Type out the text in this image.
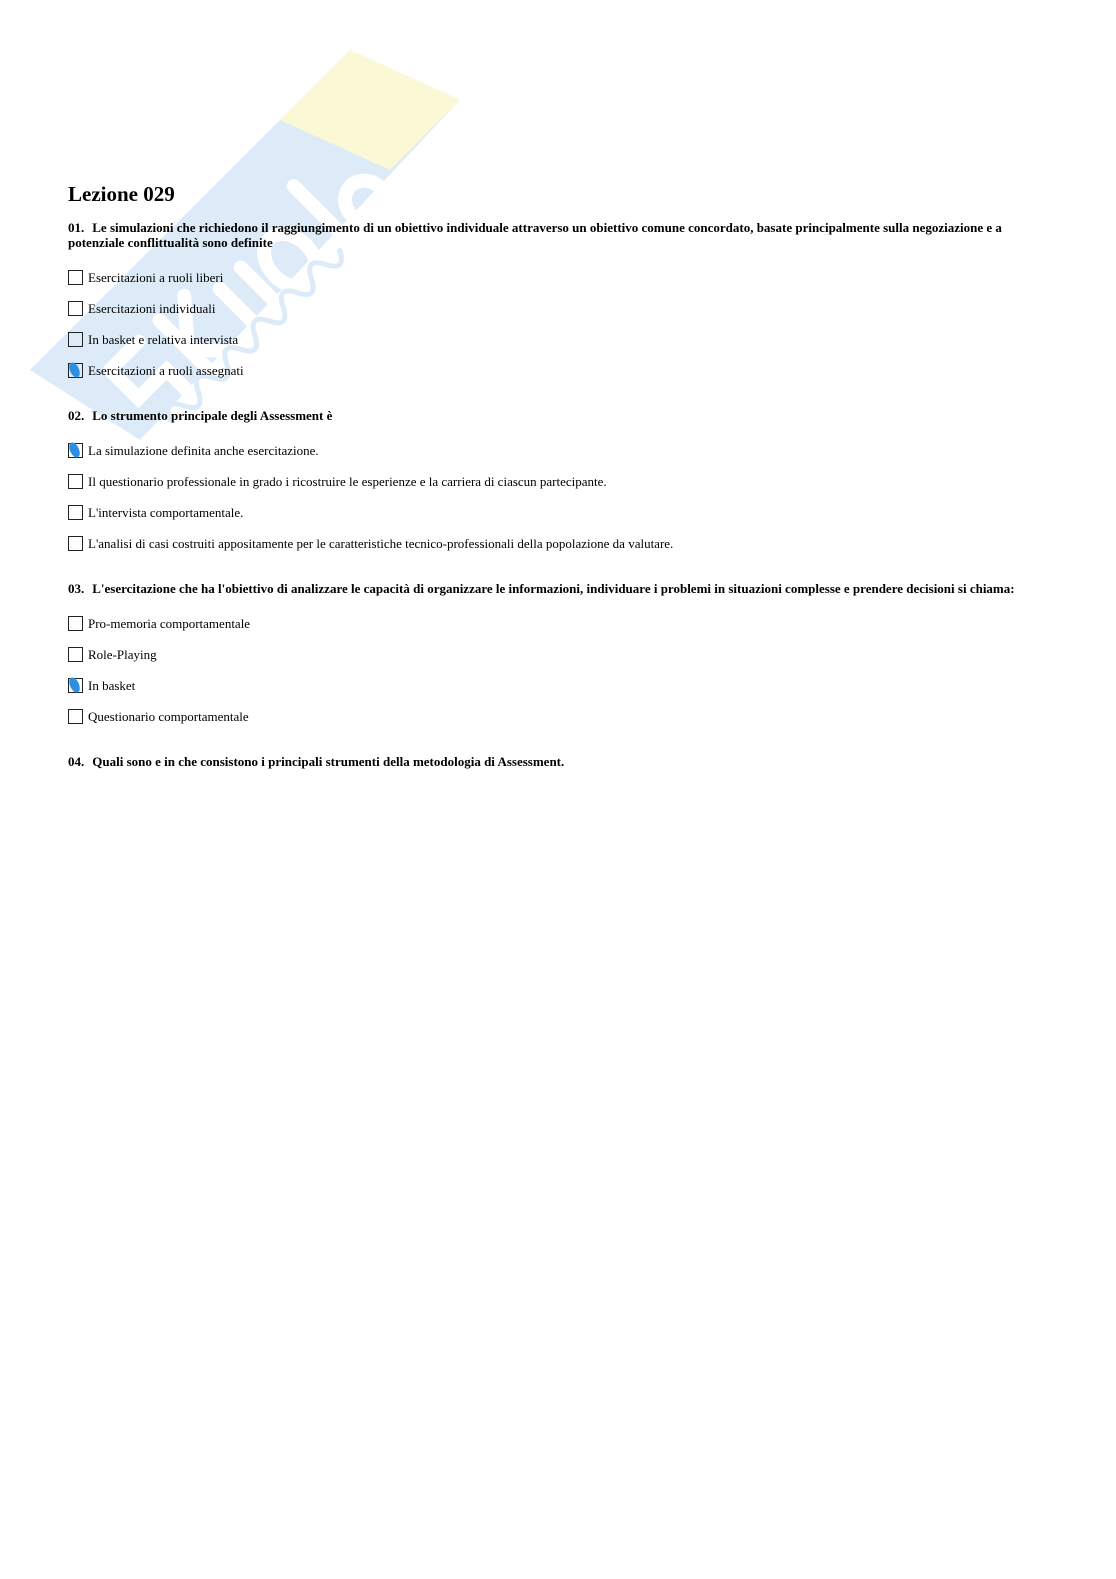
Lezione 029

01. Le simulazioni che richiedono il raggiungimento di un obiettivo individuale attraverso un obiettivo comune concordato, basate principalmente sulla negoziazione e a potenziale conflittualità sono definite

Esercitazioni a ruoli liberi
Esercitazioni individuali
In basket e relativa intervista
Esercitazioni a ruoli assegnati

02. Lo strumento principale degli Assessment è

La simulazione definita anche esercitazione.
Il questionario professionale in grado i ricostruire le esperienze e la carriera di ciascun partecipante.
L'intervista comportamentale.
L'analisi di casi costruiti appositamente per le caratteristiche tecnico-professionali della popolazione da valutare.

03. L'esercitazione che ha l'obiettivo di analizzare le capacità di organizzare le informazioni, individuare i problemi in situazioni complesse e prendere decisioni si chiama:

Pro-memoria comportamentale
Role-Playing
In basket
Questionario comportamentale

04. Quali sono e in che consistono i principali strumenti della metodologia di Assessment.
